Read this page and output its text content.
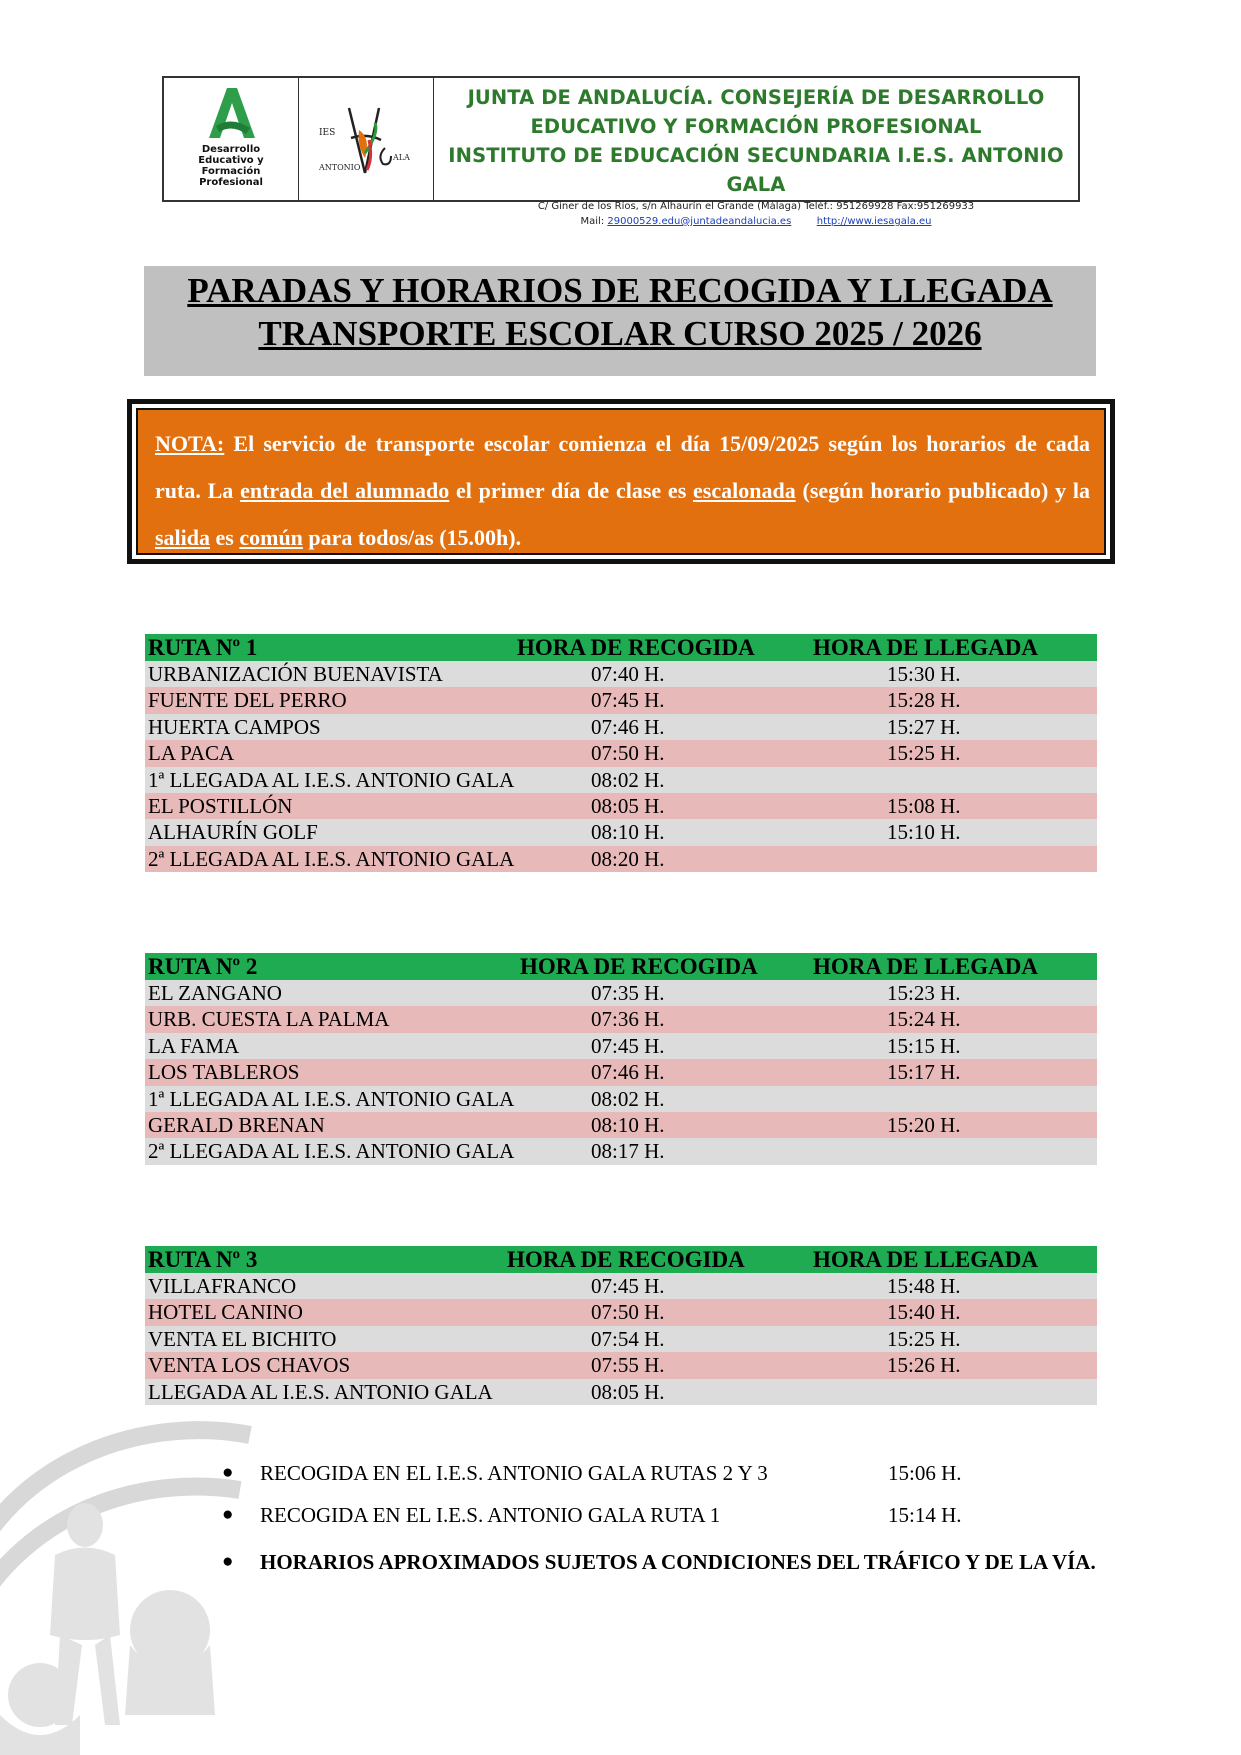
Desarrollo
Educativo y
Formación
Profesional
IES
ANTONIO
ALA
JUNTA DE ANDALUCÍA. CONSEJERÍA DE DESARROLLO
EDUCATIVO Y FORMACIÓN PROFESIONAL
INSTITUTO DE EDUCACIÓN SECUNDARIA I.E.S. ANTONIO GALA
C/ Giner de los Ríos, s/n Alhaurín el Grande (Málaga) Teléf.: 951269928 Fax:951269933
Mail: 29000529.edu@juntadeandalucia.es	http://www.iesagala.eu
PARADAS Y HORARIOS DE RECOGIDA Y LLEGADA
TRANSPORTE ESCOLAR CURSO 2025 / 2026
NOTA: El servicio de transporte escolar comienza el día 15/09/2025 según los horarios de cada ruta. La entrada del alumnado el primer día de clase es escalonada (según horario publicado) y la salida es común para todos/as (15.00h).
RUTA Nº 1	HORA DE RECOGIDA	HORA DE LLEGADA
URBANIZACIÓN BUENAVISTA	07:40 H.	15:30 H.
FUENTE DEL PERRO	07:45 H.	15:28 H.
HUERTA CAMPOS	07:46 H.	15:27 H.
LA PACA	07:50 H.	15:25 H.
1ª LLEGADA AL I.E.S. ANTONIO GALA	08:02 H.
EL POSTILLÓN	08:05 H.	15:08 H.
ALHAURÍN GOLF	08:10 H.	15:10 H.
2ª LLEGADA AL I.E.S. ANTONIO GALA	08:20 H.
RUTA Nº 2	HORA DE RECOGIDA HORA DE LLEGADA
EL ZANGANO	07:35 H.	15:23 H.
URB. CUESTA LA PALMA	07:36 H.	15:24 H.
LA FAMA	07:45 H.	15:15 H.
LOS TABLEROS	07:46 H.	15:17 H.
1ª LLEGADA AL I.E.S. ANTONIO GALA	08:02 H.
GERALD BRENAN	08:10 H.	15:20 H.
2ª LLEGADA AL I.E.S. ANTONIO GALA	08:17 H.
RUTA Nº 3	HORA DE RECOGIDA	HORA DE LLEGADA
VILLAFRANCO	07:45 H.	15:48 H.
HOTEL CANINO	07:50 H.	15:40 H.
VENTA EL BICHITO	07:54 H.	15:25 H.
VENTA LOS CHAVOS	07:55 H.	15:26 H.
LLEGADA AL I.E.S. ANTONIO GALA	08:05 H.
● RECOGIDA EN EL I.E.S. ANTONIO GALA RUTAS 2 Y 3	15:06 H.
● RECOGIDA EN EL I.E.S. ANTONIO GALA RUTA 1	15:14 H.
● HORARIOS APROXIMADOS SUJETOS A CONDICIONES DEL TRÁFICO Y DE LA VÍA.
